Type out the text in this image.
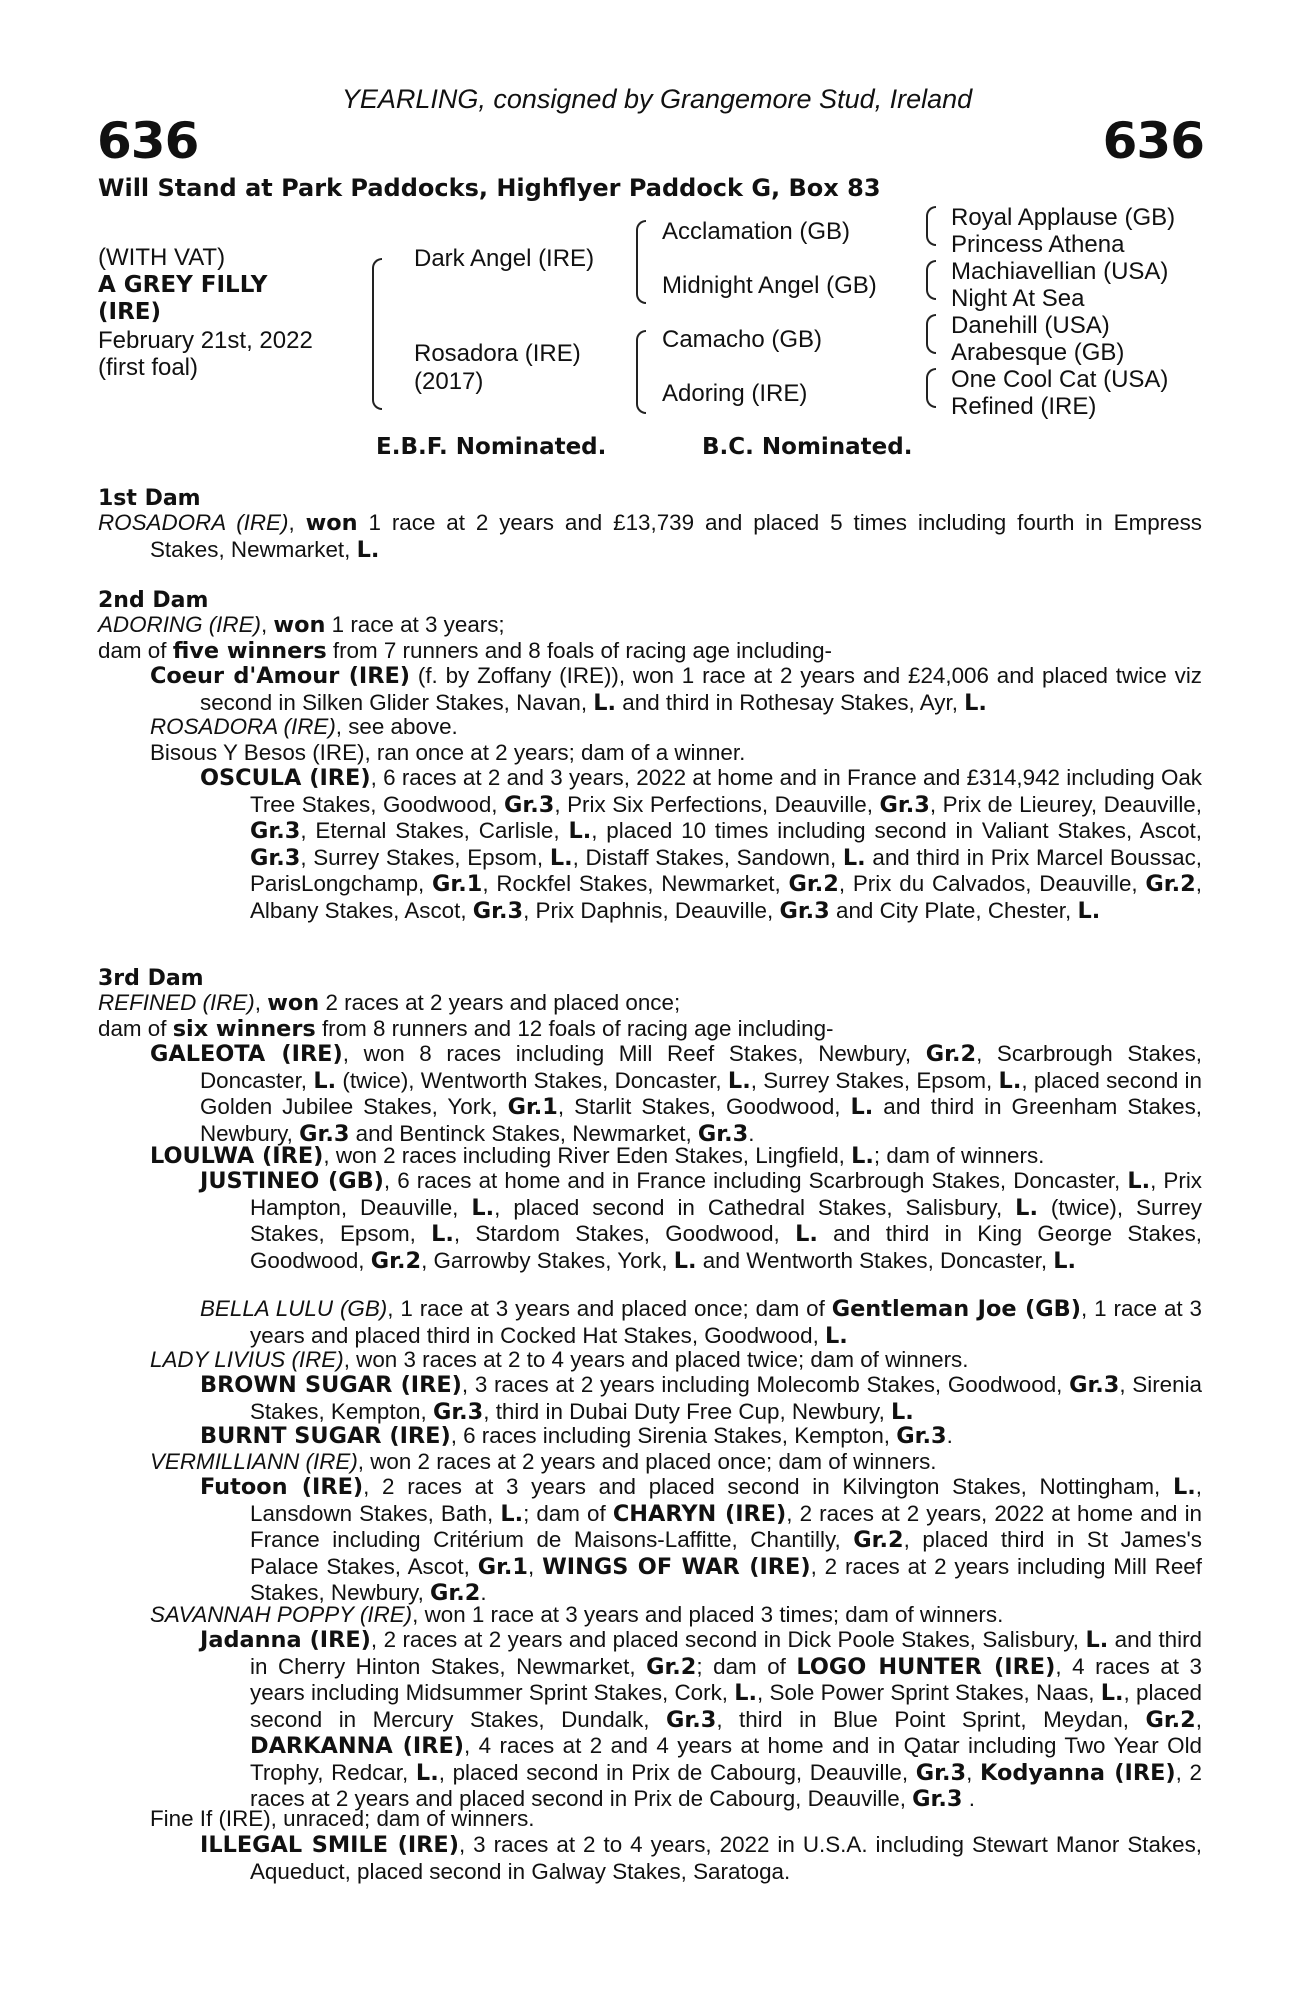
YEARLING, consigned by Grangemore Stud, Ireland
636	636
Will Stand at Park Paddocks, Highflyer Paddock G, Box 83
(WITH VAT)
A GREY FILLY
(IRE)
February 21st, 2022
(first foal)
Dark Angel (IRE)
Rosadora (IRE)
(2017)
Acclamation (GB)
Midnight Angel (GB)
Camacho (GB)
Adoring (IRE)
Royal Applause (GB)
Princess Athena
Machiavellian (USA)
Night At Sea
Danehill (USA)
Arabesque (GB)
One Cool Cat (USA)
Refined (IRE)
E.B.F. Nominated.	B.C. Nominated.
1st Dam
ROSADORA (IRE), won 1 race at 2 years and £13,739 and placed 5 times including fourth in Empress Stakes, Newmarket, L.
2nd Dam
ADORING (IRE), won 1 race at 3 years;
dam of five winners from 7 runners and 8 foals of racing age including-
Coeur d'Amour (IRE) (f. by Zoffany (IRE)), won 1 race at 2 years and £24,006 and placed twice viz second in Silken Glider Stakes, Navan, L. and third in Rothesay Stakes, Ayr, L.
ROSADORA (IRE), see above.
Bisous Y Besos (IRE), ran once at 2 years; dam of a winner.
OSCULA (IRE), 6 races at 2 and 3 years, 2022 at home and in France and £314,942 including Oak Tree Stakes, Goodwood, Gr.3, Prix Six Perfections, Deauville, Gr.3, Prix de Lieurey, Deauville, Gr.3, Eternal Stakes, Carlisle, L., placed 10 times including second in Valiant Stakes, Ascot, Gr.3, Surrey Stakes, Epsom, L., Distaff Stakes, Sandown, L. and third in Prix Marcel Boussac, ParisLongchamp, Gr.1, Rockfel Stakes, Newmarket, Gr.2, Prix du Calvados, Deauville, Gr.2, Albany Stakes, Ascot, Gr.3, Prix Daphnis, Deauville, Gr.3 and City Plate, Chester, L.
3rd Dam
REFINED (IRE), won 2 races at 2 years and placed once;
dam of six winners from 8 runners and 12 foals of racing age including-
GALEOTA (IRE), won 8 races including Mill Reef Stakes, Newbury, Gr.2, Scarbrough Stakes, Doncaster, L. (twice), Wentworth Stakes, Doncaster, L., Surrey Stakes, Epsom, L., placed second in Golden Jubilee Stakes, York, Gr.1, Starlit Stakes, Goodwood, L. and third in Greenham Stakes, Newbury, Gr.3 and Bentinck Stakes, Newmarket, Gr.3.
LOULWA (IRE), won 2 races including River Eden Stakes, Lingfield, L.; dam of winners.
JUSTINEO (GB), 6 races at home and in France including Scarbrough Stakes, Doncaster, L., Prix Hampton, Deauville, L., placed second in Cathedral Stakes, Salisbury, L. (twice), Surrey Stakes, Epsom, L., Stardom Stakes, Goodwood, L. and third in King George Stakes, Goodwood, Gr.2, Garrowby Stakes, York, L. and Wentworth Stakes, Doncaster, L.
BELLA LULU (GB), 1 race at 3 years and placed once; dam of Gentleman Joe (GB), 1 race at 3 years and placed third in Cocked Hat Stakes, Goodwood, L.
LADY LIVIUS (IRE), won 3 races at 2 to 4 years and placed twice; dam of winners.
BROWN SUGAR (IRE), 3 races at 2 years including Molecomb Stakes, Goodwood, Gr.3, Sirenia Stakes, Kempton, Gr.3, third in Dubai Duty Free Cup, Newbury, L.
BURNT SUGAR (IRE), 6 races including Sirenia Stakes, Kempton, Gr.3.
VERMILLIANN (IRE), won 2 races at 2 years and placed once; dam of winners.
Futoon (IRE), 2 races at 3 years and placed second in Kilvington Stakes, Nottingham, L., Lansdown Stakes, Bath, L.; dam of CHARYN (IRE), 2 races at 2 years, 2022 at home and in France including Critérium de Maisons-Laffitte, Chantilly, Gr.2, placed third in St James's Palace Stakes, Ascot, Gr.1, WINGS OF WAR (IRE), 2 races at 2 years including Mill Reef Stakes, Newbury, Gr.2.
SAVANNAH POPPY (IRE), won 1 race at 3 years and placed 3 times; dam of winners.
Jadanna (IRE), 2 races at 2 years and placed second in Dick Poole Stakes, Salisbury, L. and third in Cherry Hinton Stakes, Newmarket, Gr.2; dam of LOGO HUNTER (IRE), 4 races at 3 years including Midsummer Sprint Stakes, Cork, L., Sole Power Sprint Stakes, Naas, L., placed second in Mercury Stakes, Dundalk, Gr.3, third in Blue Point Sprint, Meydan, Gr.2, DARKANNA (IRE), 4 races at 2 and 4 years at home and in Qatar including Two Year Old Trophy, Redcar, L., placed second in Prix de Cabourg, Deauville, Gr.3, Kodyanna (IRE), 2 races at 2 years and placed second in Prix de Cabourg, Deauville, Gr.3 .
Fine If (IRE), unraced; dam of winners.
ILLEGAL SMILE (IRE), 3 races at 2 to 4 years, 2022 in U.S.A. including Stewart Manor Stakes, Aqueduct, placed second in Galway Stakes, Saratoga.
